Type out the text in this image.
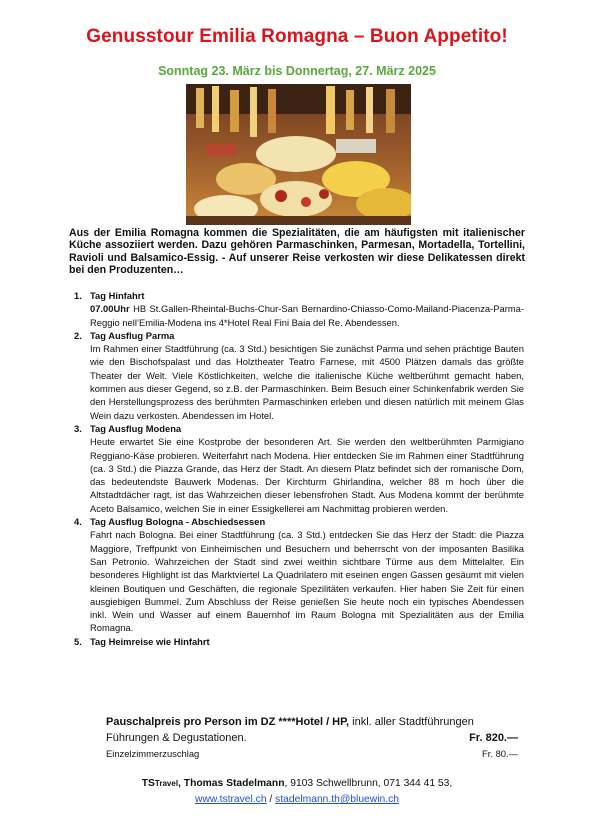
Genusstour Emilia Romagna – Buon Appetito!
Sonntag 23. März bis Donnertag, 27. März 2025
Aus der Emilia Romagna kommen die Spezialitäten, die am häufigsten mit italienischer Küche assoziiert werden. Dazu gehören Parmaschinken, Parmesan, Mortadella, Tortellini, Ravioli und Balsamico-Essig. - Auf unserer Reise verkosten wir diese Delikatessen direkt bei den Produzenten…
1. Tag Hinfahrt
07.00Uhr HB St.Gallen-Rheintal-Buchs-Chur-San Bernardino-Chiasso-Como-Mailand-Piacenza-Parma-Reggio nell’Emilia-Modena ins 4*Hotel Real Fini Baia del Re. Abendessen.
2. Tag Ausflug Parma
Im Rahmen einer Stadtführung (ca. 3 Std.) besichtigen Sie zunächst Parma und sehen prächtige Bauten wie den Bischofspalast und das Holztheater Teatro Farnese, mit 4500 Plätzen damals das größte Theater der Welt. Viele Köstlichkeiten, welche die italienische Küche weltberühmt gemacht haben, kommen aus dieser Gegend, so z.B. der Parmaschinken. Beim Besuch einer Schinkenfabrik werden Sie den Herstellungsprozess des berühmten Parmaschinken erleben und diesen natürlich mit meinem Glas Wein dazu verkosten. Abendessen im Hotel.
3. Tag Ausflug Modena
Heute erwartet Sie eine Kostprobe der besonderen Art. Sie werden den weltberühmten Parmigiano Reggiano-Käse probieren. Weiterfahrt nach Modena. Hier entdecken Sie im Rahmen einer Stadtführung (ca. 3 Std.) die Piazza Grande, das Herz der Stadt. An diesem Platz befindet sich der romanische Dom, das bedeutendste Bauwerk Modenas. Der Kirchturm Ghirlandina, welcher 88 m hoch über die Altstadtdächer ragt, ist das Wahrzeichen dieser lebensfrohen Stadt. Aus Modena kommt der berühmte Aceto Balsamico, welchen Sie in einer Essigkellerei am Nachmittag probieren werden.
4. Tag Ausflug Bologna - Abschiedsessen
Fahrt nach Bologna. Bei einer Stadtführung (ca. 3 Std.) entdecken Sie das Herz der Stadt: die Piazza Maggiore, Treffpunkt von Einheimischen und Besuchern und beherrscht von der imposanten Basilika San Petronio. Wahrzeichen der Stadt sind zwei weithin sichtbare Türme aus dem Mittelalter. Ein besonderes Highlight ist das Marktviertel La Quadrilatero mit eseinen engen Gassen gesäumt mit vielen kleinen Boutiquen und Geschäften, die regionale Spezilitäten verkaufen. Hier haben Sie Zeit für einen ausgiebigen Bummel. Zum Abschluss der Reise genießen Sie heute noch ein typisches Abendessen inkl. Wein und Wasser auf einem Bauernhof im Raum Bologna mit Spezialitäten aus der Emilia Romagna.
5. Tag Heimreise wie Hinfahrt
Pauschalpreis pro Person im DZ ****Hotel / HP, inkl. aller Stadtführungen
Führungen & Degustationen.	Fr. 820.—
Einzelzimmerzuschlag	Fr. 80.—
TSTravel, Thomas Stadelmann, 9103 Schwellbrunn, 071 344 41 53,
www.tstravel.ch / stadelmann.th@bluewin.ch
